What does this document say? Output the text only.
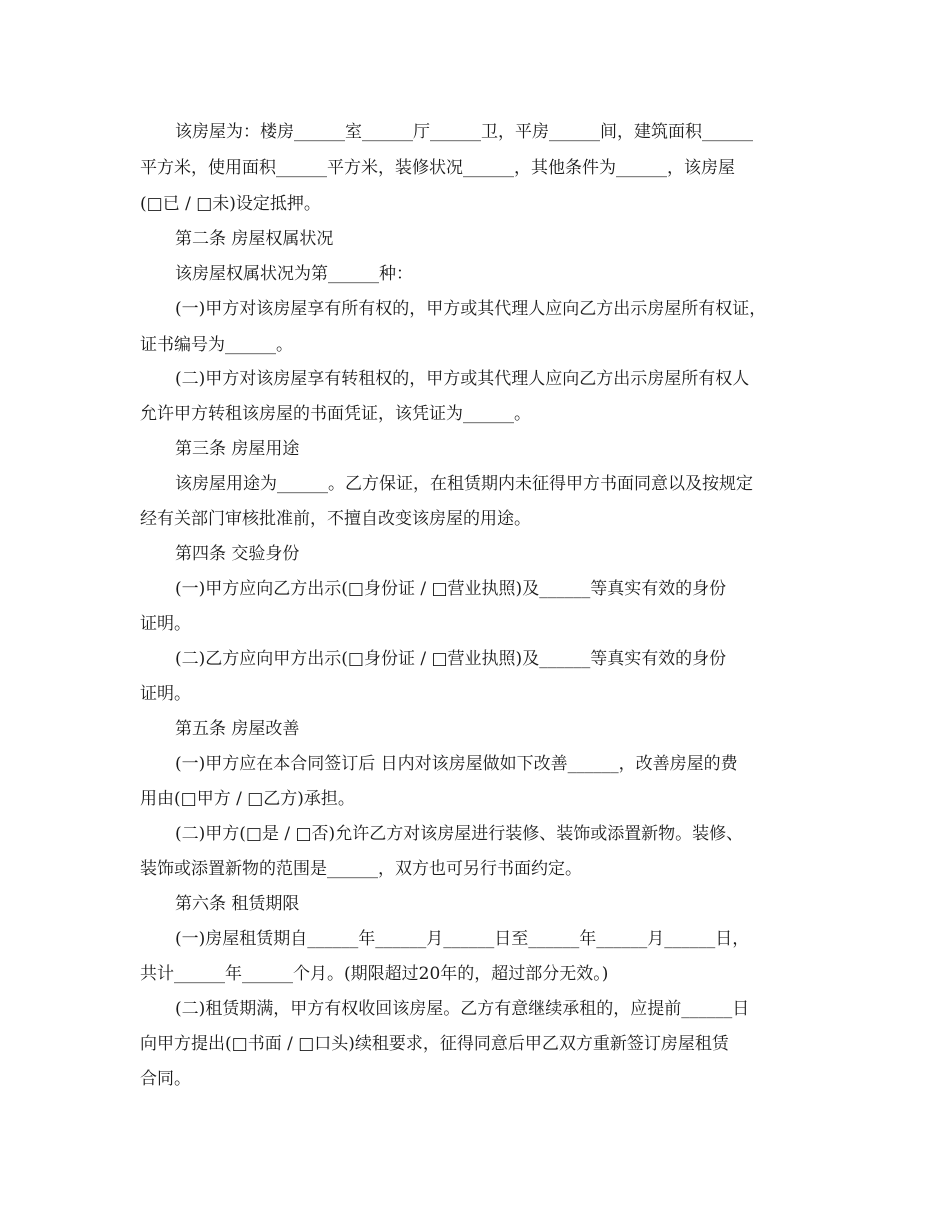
该房屋为：楼房______室______厅______卫，平房______间，建筑面积______
平方米，使用面积______平方米，装修状况______，其他条件为______，该房屋
(□已 / □未)设定抵押。
第二条 房屋权属状况
该房屋权属状况为第______种：
(一)甲方对该房屋享有所有权的，甲方或其代理人应向乙方出示房屋所有权证，
证书编号为______。
(二)甲方对该房屋享有转租权的，甲方或其代理人应向乙方出示房屋所有权人
允许甲方转租该房屋的书面凭证，该凭证为______。
第三条 房屋用途
该房屋用途为______。乙方保证，在租赁期内未征得甲方书面同意以及按规定
经有关部门审核批准前，不擅自改变该房屋的用途。
第四条 交验身份
(一)甲方应向乙方出示(□身份证 / □营业执照)及______等真实有效的身份
证明。
(二)乙方应向甲方出示(□身份证 / □营业执照)及______等真实有效的身份
证明。
第五条 房屋改善
(一)甲方应在本合同签订后 日内对该房屋做如下改善______，改善房屋的费
用由(□甲方 / □乙方)承担。
(二)甲方(□是 / □否)允许乙方对该房屋进行装修、装饰或添置新物。装修、
装饰或添置新物的范围是______，双方也可另行书面约定。
第六条 租赁期限
(一)房屋租赁期自______年______月______日至______年______月______日，
共计______年______个月。(期限超过20年的，超过部分无效。)
(二)租赁期满，甲方有权收回该房屋。乙方有意继续承租的，应提前______日
向甲方提出(□书面 / □口头)续租要求，征得同意后甲乙双方重新签订房屋租赁
合同。
